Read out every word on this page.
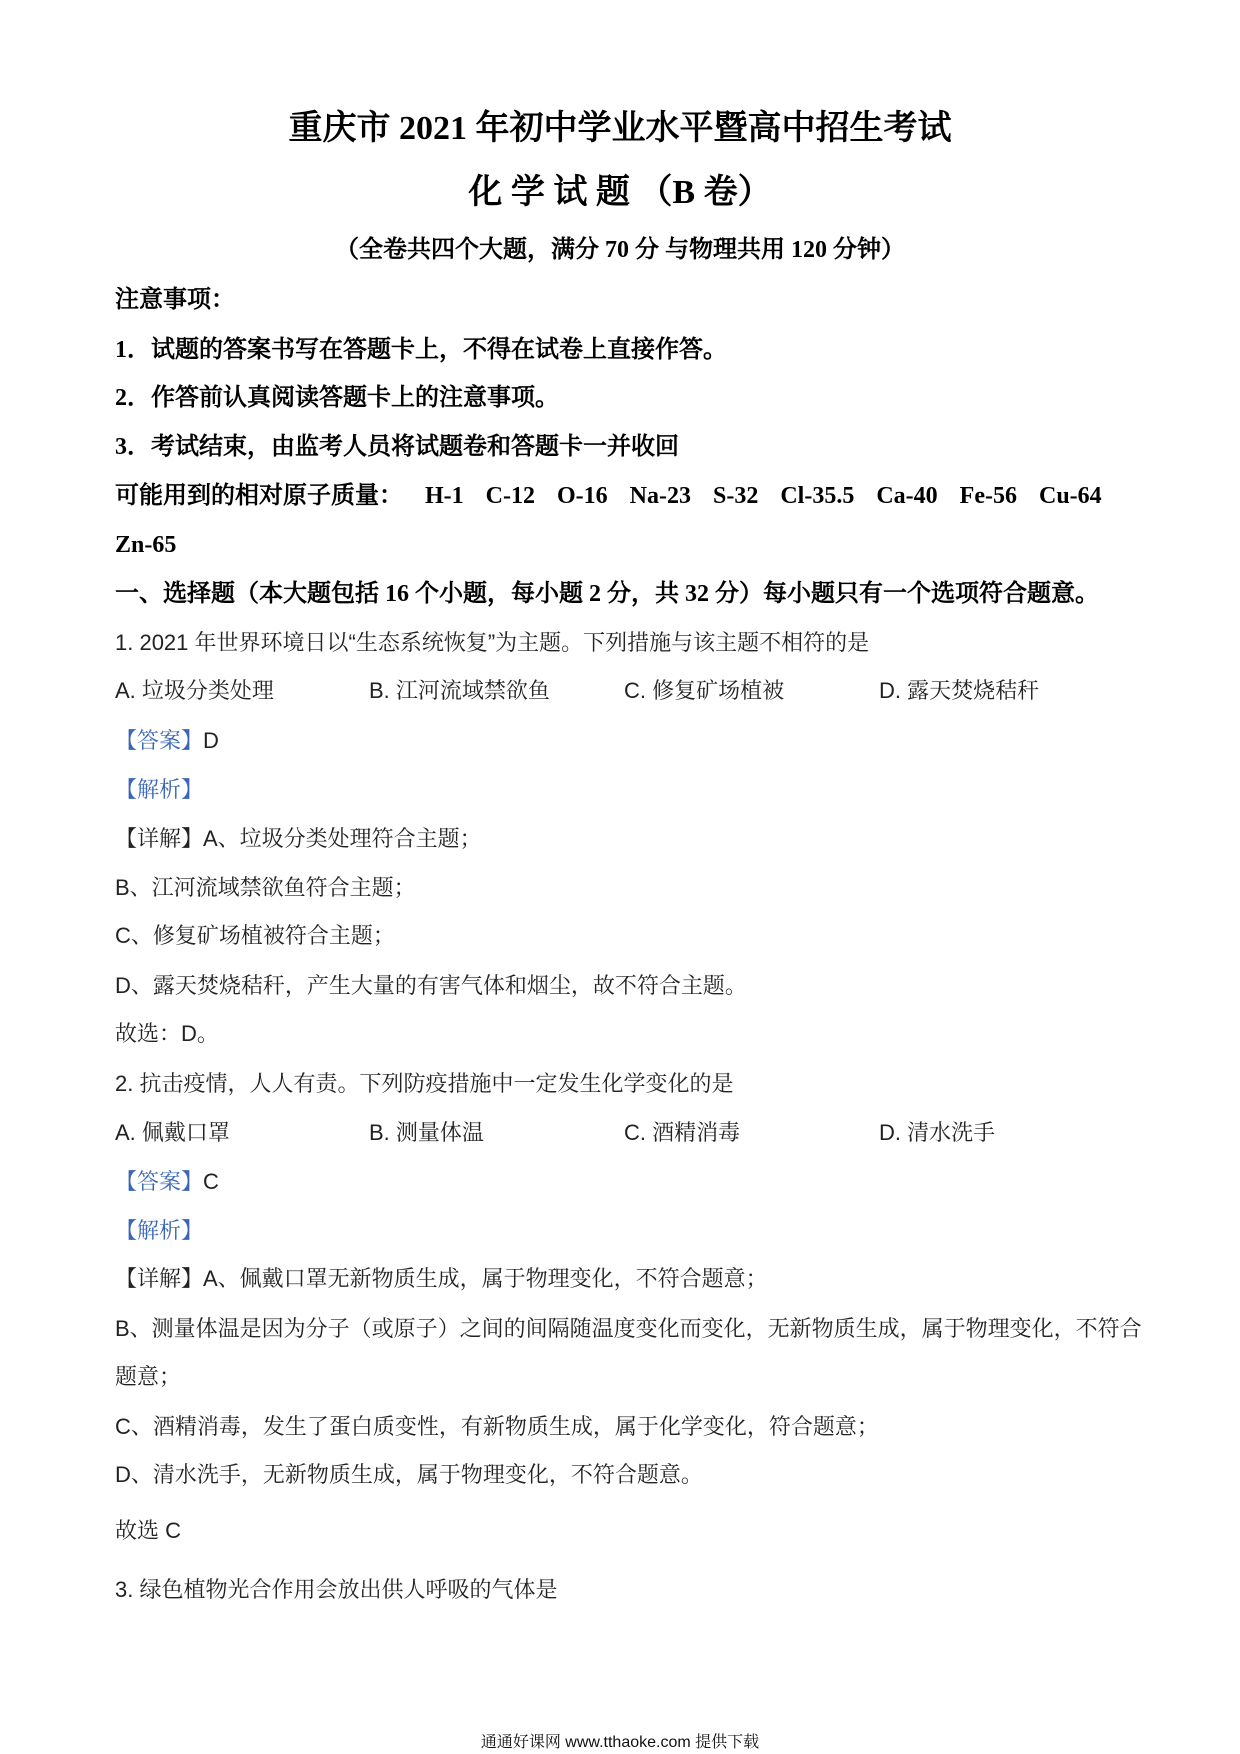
重庆市 2021 年初中学业水平暨高中招生考试
化 学 试 题 （B 卷）
（全卷共四个大题，满分 70 分 与物理共用 120 分钟）
注意事项：
1．试题的答案书写在答题卡上，不得在试卷上直接作答。
2．作答前认真阅读答题卡上的注意事项。
3．考试结束，由监考人员将试题卷和答题卡一并收回
可能用到的相对原子质量： H-1 C-12 O-16 Na-23 S-32 Cl-35.5 Ca-40 Fe-56 Cu-64
Zn-65
一、选择题（本大题包括 16 个小题，每小题 2 分，共 32 分）每小题只有一个选项符合题意。
1. 2021 年世界环境日以“生态系统恢复”为主题。下列措施与该主题不相符的是
A. 垃圾分类处理	B. 江河流域禁欲鱼	C. 修复矿场植被	D. 露天焚烧秸秆
【答案】D
【解析】
【详解】A、垃圾分类处理符合主题；
B、江河流域禁欲鱼符合主题；
C、修复矿场植被符合主题；
D、露天焚烧秸秆，产生大量的有害气体和烟尘，故不符合主题。
故选：D。
2. 抗击疫情，人人有责。下列防疫措施中一定发生化学变化的是
A. 佩戴口罩	B. 测量体温	C. 酒精消毒	D. 清水洗手
【答案】C
【解析】
【详解】A、佩戴口罩无新物质生成，属于物理变化，不符合题意；
B、测量体温是因为分子（或原子）之间的间隔随温度变化而变化，无新物质生成，属于物理变化，不符合题意；
C、酒精消毒，发生了蛋白质变性，有新物质生成，属于化学变化，符合题意；
D、清水洗手，无新物质生成，属于物理变化，不符合题意。
故选 C
3. 绿色植物光合作用会放出供人呼吸的气体是
通通好课网 www.tthaoke.com 提供下载
